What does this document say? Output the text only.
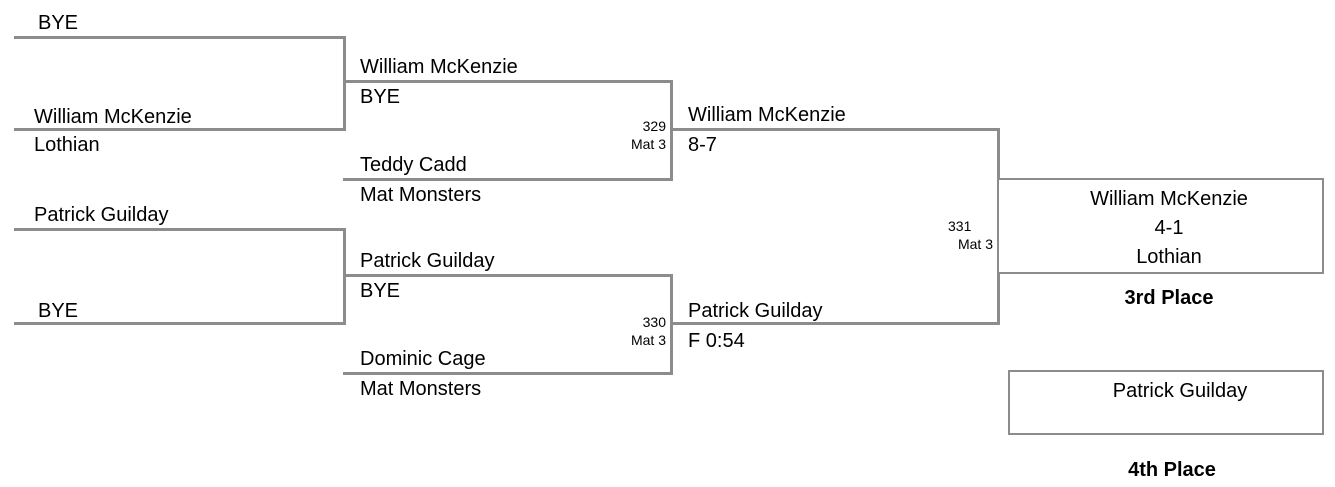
BYE
William McKenzie
Lothian
Patrick Guilday
BYE
William McKenzie
BYE
Teddy Cadd
Mat Monsters
Patrick Guilday
BYE
Dominic Cage
Mat Monsters
329
Mat 3
330
Mat 3
331
Mat 3
William McKenzie
8-7
Patrick Guilday
F 0:54
William McKenzie
4-1
Lothian
3rd Place
Patrick Guilday
4th Place
